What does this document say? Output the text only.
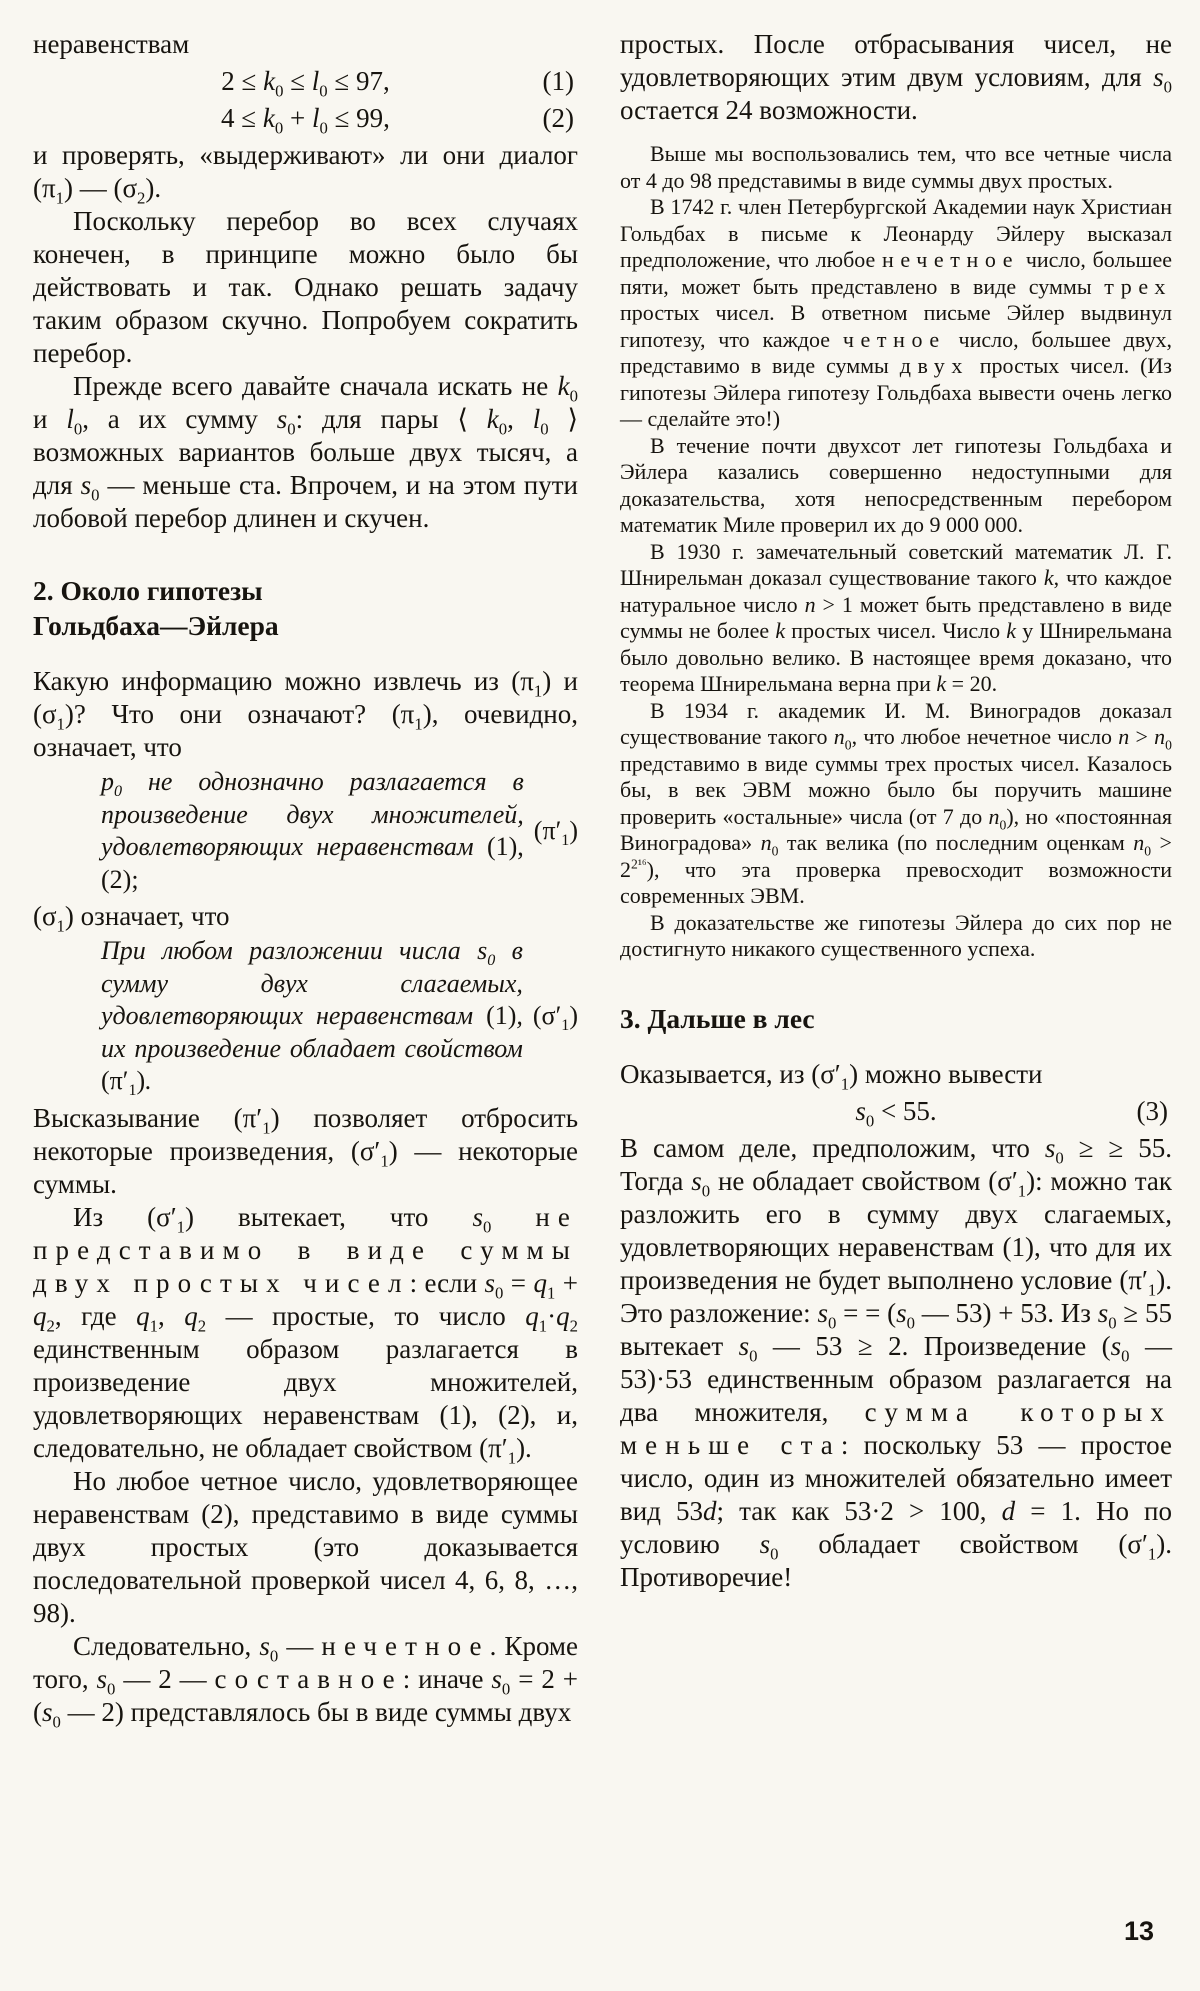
неравенствам

$2 \le k_0 \le l_0 \le 97$,	(1)
$4 \le k_0 + l_0 \le 99$,	(2)

и проверять, «выдерживают» ли они диалог $(\pi_1)$ — $(\sigma_2)$.

Поскольку перебор во всех случаях конечен, в принципе можно было бы действовать и так. Однако решать задачу таким образом скучно. Попробуем сократить перебор.

Прежде всего давайте сначала искать не $k_0$ и $l_0$, а их сумму $s_0$: для пары ⟨ $k_0$, $l_0$ ⟩ возможных вариантов больше двух тысяч, а для $s_0$ — меньше ста. Впрочем, и на этом пути лобовой перебор длинен и скучен.

2. Около гипотезы
Гольдбаха—Эйлера

Какую информацию можно извлечь из $(\pi_1)$ и $(\sigma_1)$? Что они означают? $(\pi_1)$, очевидно, означает, что

$p_0$ не однозначно разлагается в произведение двух множителей, удовлетворяющих неравенствам (1), (2);
$(\pi'_1)$

$(\sigma_1)$ означает, что

При любом разложении числа $s_0$ в сумму двух слагаемых, удовлетворяющих неравенствам (1), их произведение обладает свойством $(\pi'_1)$.
$(\sigma'_1)$

Высказывание $(\pi'_1)$ позволяет отбросить некоторые произведения, $(\sigma'_1)$ — некоторые суммы.

Из $(\sigma'_1)$ вытекает, что $s_0$ не представимо в виде суммы двух простых чисел: если $s_0 = q_1 + q_2$, где $q_1$, $q_2$ — простые, то число $q_1\cdot q_2$ единственным образом разлагается в произведение двух множителей, удовлетворяющих неравенствам (1), (2), и, следовательно, не обладает свойством $(\pi'_1)$.

Но любое четное число, удовлетворяющее неравенствам (2), представимо в виде суммы двух простых (это доказывается последовательной проверкой чисел 4, 6, 8, …, 98).

Следовательно, $s_0$ — нечетное. Кроме того, $s_0$ — 2 — составное: иначе $s_0 = 2 + (s_0$ — 2) представлялось бы в виде суммы двух

простых. После отбрасывания чисел, не удовлетворяющих этим двум условиям, для $s_0$ остается 24 возможности.

Выше мы воспользовались тем, что все четные числа от 4 до 98 представимы в виде суммы двух простых.

В 1742 г. член Петербургской Академии наук Христиан Гольдбах в письме к Леонарду Эйлеру высказал предположение, что любое нечетное число, большее пяти, может быть представлено в виде суммы трех простых чисел. В ответном письме Эйлер выдвинул гипотезу, что каждое четное число, большее двух, представимо в виде суммы двух простых чисел. (Из гипотезы Эйлера гипотезу Гольдбаха вывести очень легко — сделайте это!)

В течение почти двухсот лет гипотезы Гольдбаха и Эйлера казались совершенно недоступными для доказательства, хотя непосредственным перебором математик Миле проверил их до 9 000 000.

В 1930 г. замечательный советский математик Л. Г. Шнирельман доказал существование такого k, что каждое натуральное число n > 1 может быть представлено в виде суммы не более k простых чисел. Число k у Шнирельмана было довольно велико. В настоящее время доказано, что теорема Шнирельмана верна при k = 20.

В 1934 г. академик И. М. Виноградов доказал существование такого $n_0$, что любое нечетное число $n > n_0$ представимо в виде суммы трех простых чисел. Казалось бы, в век ЭВМ можно было бы поручить машине проверить «остальные» числа (от 7 до $n_0$), но «постоянная Виноградова» $n_0$ так велика (по последним оценкам $n_0 > 2^{2^{16}}$), что эта проверка превосходит возможности современных ЭВМ.

В доказательстве же гипотезы Эйлера до сих пор не достигнуто никакого существенного успеха.

3. Дальше в лес

Оказывается, из $(\sigma'_1)$ можно вывести

$s_0 < 55$.	(3)

В самом деле, предположим, что $s_0$ ≥ ≥ 55. Тогда $s_0$ не обладает свойством $(\sigma'_1)$: можно так разложить его в сумму двух слагаемых, удовлетворяющих неравенствам (1), что для их произведения не будет выполнено условие $(\pi'_1)$. Это разложение: $s_0$ = = ($s_0$ — 53) + 53. Из $s_0 \ge 55$ вытекает $s_0$ — 53 ≥ 2. Произведение ($s_0$ — 53)·53 единственным образом разлагается на два множителя, сумма которых меньше ста: поскольку 53 — простое число, один из множителей обязательно имеет вид 53d; так как 53·2 > 100, d = 1. Но по условию $s_0$ обладает свойством $(\sigma'_1)$. Противоречие!

13
